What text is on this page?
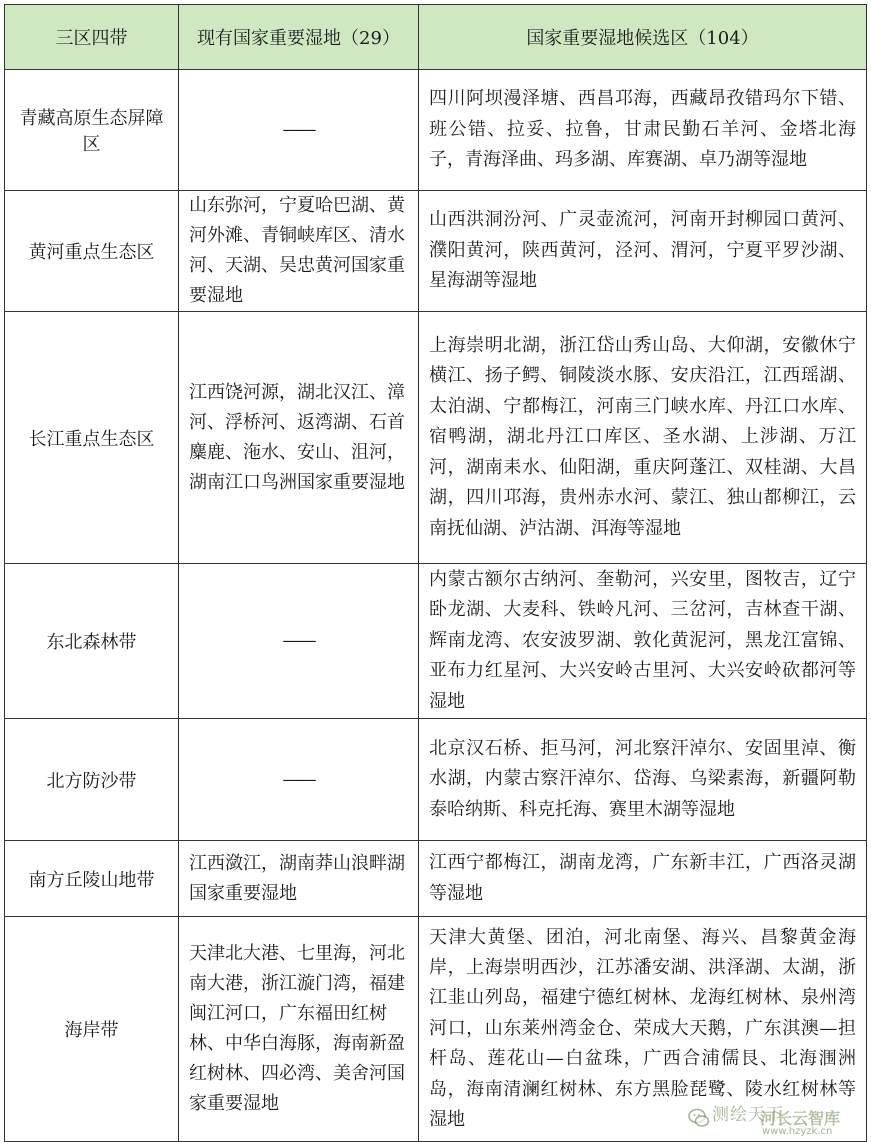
三区四带	现有国家重要湿地（29）	国家重要湿地候选区（104）
青藏高原生态屏障区	——	四川阿坝漫泽塘、西昌邛海，西藏昂孜错玛尔下错、班公错、拉妥、拉鲁，甘肃民勤石羊河、金塔北海子，青海泽曲、玛多湖、库赛湖、卓乃湖等湿地
黄河重点生态区	山东弥河，宁夏哈巴湖、黄河外滩、青铜峡库区、清水河、天湖、吴忠黄河国家重要湿地	山西洪洞汾河、广灵壶流河，河南开封柳园口黄河、濮阳黄河，陕西黄河，泾河、渭河，宁夏平罗沙湖、星海湖等湿地
长江重点生态区	江西饶河源，湖北汉江、漳河、浮桥河、返湾湖、石首麋鹿、沲水、安山、沮河，湖南江口鸟洲国家重要湿地	上海崇明北湖，浙江岱山秀山岛、大仰湖，安徽休宁横江、扬子鳄、铜陵淡水豚、安庆沿江，江西瑶湖、太泊湖、宁都梅江，河南三门峡水库、丹江口水库、宿鸭湖，湖北丹江口库区、圣水湖、上涉湖、万江河，湖南耒水、仙阳湖，重庆阿蓬江、双桂湖、大昌湖，四川邛海，贵州赤水河、蒙江、独山都柳江，云南抚仙湖、泸沽湖、洱海等湿地
东北森林带	——	内蒙古额尔古纳河、奎勒河，兴安里，图牧吉，辽宁卧龙湖、大麦科、铁岭凡河、三岔河，吉林查干湖、辉南龙湾、农安波罗湖、敦化黄泥河，黑龙江富锦、亚布力红星河、大兴安岭古里河、大兴安岭砍都河等湿地
北方防沙带	——	北京汉石桥、拒马河，河北察汗淖尔、安固里淖、衡水湖，内蒙古察汗淖尔、岱海、乌梁素海，新疆阿勒泰哈纳斯、科克托海、赛里木湖等湿地
南方丘陵山地带	江西潋江，湖南莽山浪畔湖国家重要湿地	江西宁都梅江，湖南龙湾，广东新丰江，广西洛灵湖等湿地
海岸带	天津北大港、七里海，河北南大港，浙江漩门湾，福建闽江河口，广东福田红树林、中华白海豚，海南新盈红树林、四必湾、美舍河国家重要湿地	天津大黄堡、团泊，河北南堡、海兴、昌黎黄金海岸，上海崇明西沙，江苏潘安湖、洪泽湖、太湖，浙江韭山列岛，福建宁德红树林、龙海红树林、泉州湾河口，山东莱州湾金仓、荣成大天鹅，广东淇澳—担杆岛、莲花山—白盆珠，广西合浦儒艮、北海涠洲岛，海南清澜红树林、东方黑脸琵鹭、陵水红树林等湿地	测绘天下
河长云智库
www.hzyzk.cn
